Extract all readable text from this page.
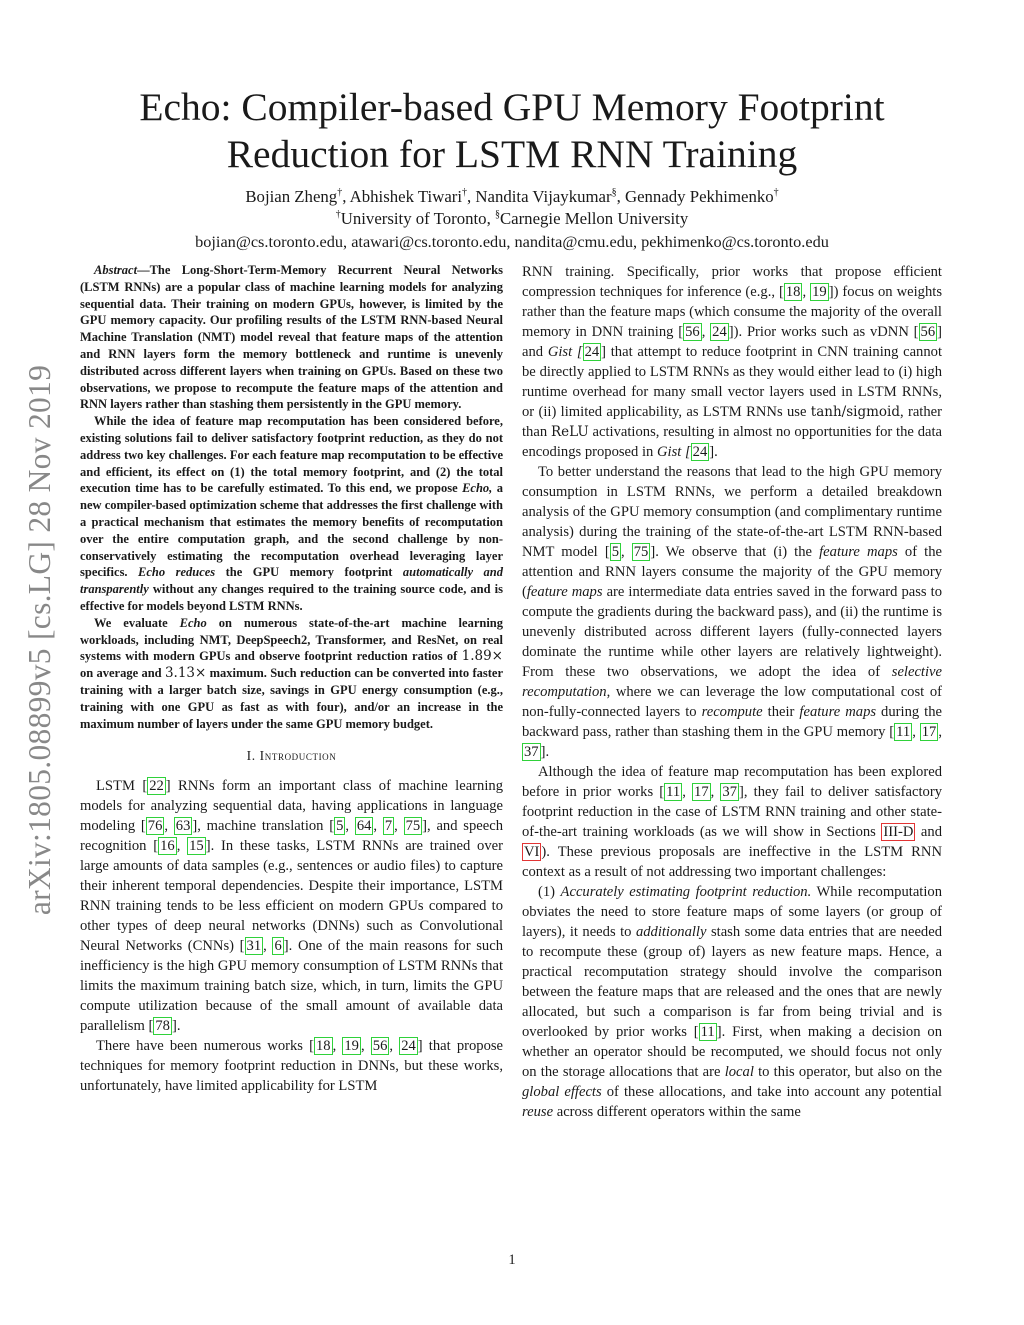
arXiv:1805.08899v5 [cs.LG] 28 Nov 2019
Echo: Compiler-based GPU Memory Footprint
Reduction for LSTM RNN Training
Bojian Zheng†, Abhishek Tiwari†, Nandita Vijaykumar§, Gennady Pekhimenko†
†University of Toronto, §Carnegie Mellon University
bojian@cs.toronto.edu, atawari@cs.toronto.edu, nandita@cmu.edu, pekhimenko@cs.toronto.edu

Abstract—The Long-Short-Term-Memory Recurrent Neural Networks (LSTM RNNs) are a popular class of machine learning models for analyzing sequential data. Their training on modern GPUs, however, is limited by the GPU memory capacity. Our profiling results of the LSTM RNN-based Neural Machine Translation (NMT) model reveal that feature maps of the attention and RNN layers form the memory bottleneck and runtime is unevenly distributed across different layers when training on GPUs. Based on these two observations, we propose to recompute the feature maps of the attention and RNN layers rather than stashing them persistently in the GPU memory.

While the idea of feature map recomputation has been considered before, existing solutions fail to deliver satisfactory footprint reduction, as they do not address two key challenges. For each feature map recomputation to be effective and efficient, its effect on (1) the total memory footprint, and (2) the total execution time has to be carefully estimated. To this end, we propose Echo, a new compiler-based optimization scheme that addresses the first challenge with a practical mechanism that estimates the memory benefits of recomputation over the entire computation graph, and the second challenge by non-conservatively estimating the recomputation overhead leveraging layer specifics. Echo reduces the GPU memory footprint automatically and transparently without any changes required to the training source code, and is effective for models beyond LSTM RNNs.

We evaluate Echo on numerous state-of-the-art machine learning workloads, including NMT, DeepSpeech2, Transformer, and ResNet, on real systems with modern GPUs and observe footprint reduction ratios of 1.89× on average and 3.13× maximum. Such reduction can be converted into faster training with a larger batch size, savings in GPU energy consumption (e.g., training with one GPU as fast as with four), and/or an increase in the maximum number of layers under the same GPU memory budget.

I. Introduction

LSTM [ 22 ] RNNs form an important class of machine learning models for analyzing sequential data, having applications in language modeling [ 76 , 63 ], machine translation [ 5 , 64 , 7 , 75 ], and speech recognition [ 16 , 15 ]. In these tasks, LSTM RNNs are trained over large amounts of data samples (e.g., sentences or audio files) to capture their inherent temporal dependencies. Despite their importance, LSTM RNN training tends to be less efficient on modern GPUs compared to other types of deep neural networks (DNNs) such as Convolutional Neural Networks (CNNs) [ 31 , 6 ]. One of the main reasons for such inefficiency is the high GPU memory consumption of LSTM RNNs that limits the maximum training batch size, which, in turn, limits the GPU compute utilization because of the small amount of available data parallelism [ 78 ].

There have been numerous works [ 18 , 19 , 56 , 24 ] that propose techniques for memory footprint reduction in DNNs, but these works, unfortunately, have limited applicability for LSTM

RNN training. Specifically, prior works that propose efficient compression techniques for inference (e.g., [ 18 , 19 ]) focus on weights rather than the feature maps (which consume the majority of the overall memory in DNN training [ 56 , 24 ]). Prior works such as vDNN [ 56 ] and Gist [ 24 ] that attempt to reduce footprint in CNN training cannot be directly applied to LSTM RNNs as they would either lead to (i) high runtime overhead for many small vector layers used in LSTM RNNs, or (ii) limited applicability, as LSTM RNNs use tanh/sigmoid, rather than ReLU activations, resulting in almost no opportunities for the data encodings proposed in Gist [ 24 ].

To better understand the reasons that lead to the high GPU memory consumption in LSTM RNNs, we perform a detailed breakdown analysis of the GPU memory consumption (and complimentary runtime analysis) during the training of the state-of-the-art LSTM RNN-based NMT model [ 5 , 75 ]. We observe that (i) the feature maps of the attention and RNN layers consume the majority of the GPU memory (feature maps are intermediate data entries saved in the forward pass to compute the gradients during the backward pass), and (ii) the runtime is unevenly distributed across different layers (fully-connected layers dominate the runtime while other layers are relatively lightweight). From these two observations, we adopt the idea of selective recomputation, where we can leverage the low computational cost of non-fully-connected layers to recompute their feature maps during the backward pass, rather than stashing them in the GPU memory [ 11 , 17 , 37 ].

Although the idea of feature map recomputation has been explored before in prior works [ 11 , 17 , 37 ], they fail to deliver satisfactory footprint reduction in the case of LSTM RNN training and other state-of-the-art training workloads (as we will show in Sections III-D and VI ). These previous proposals are ineffective in the LSTM RNN context as a result of not addressing two important challenges:

(1) Accurately estimating footprint reduction. While recomputation obviates the need to store feature maps of some layers (or group of layers), it needs to additionally stash some data entries that are needed to recompute these (group of) layers as new feature maps. Hence, a practical recomputation strategy should involve the comparison between the feature maps that are released and the ones that are newly allocated, but such a comparison is far from being trivial and is overlooked by prior works [ 11 ]. First, when making a decision on whether an operator should be recomputed, we should focus not only on the storage allocations that are local to this operator, but also on the global effects of these allocations, and take into account any potential reuse across different operators within the same

1
